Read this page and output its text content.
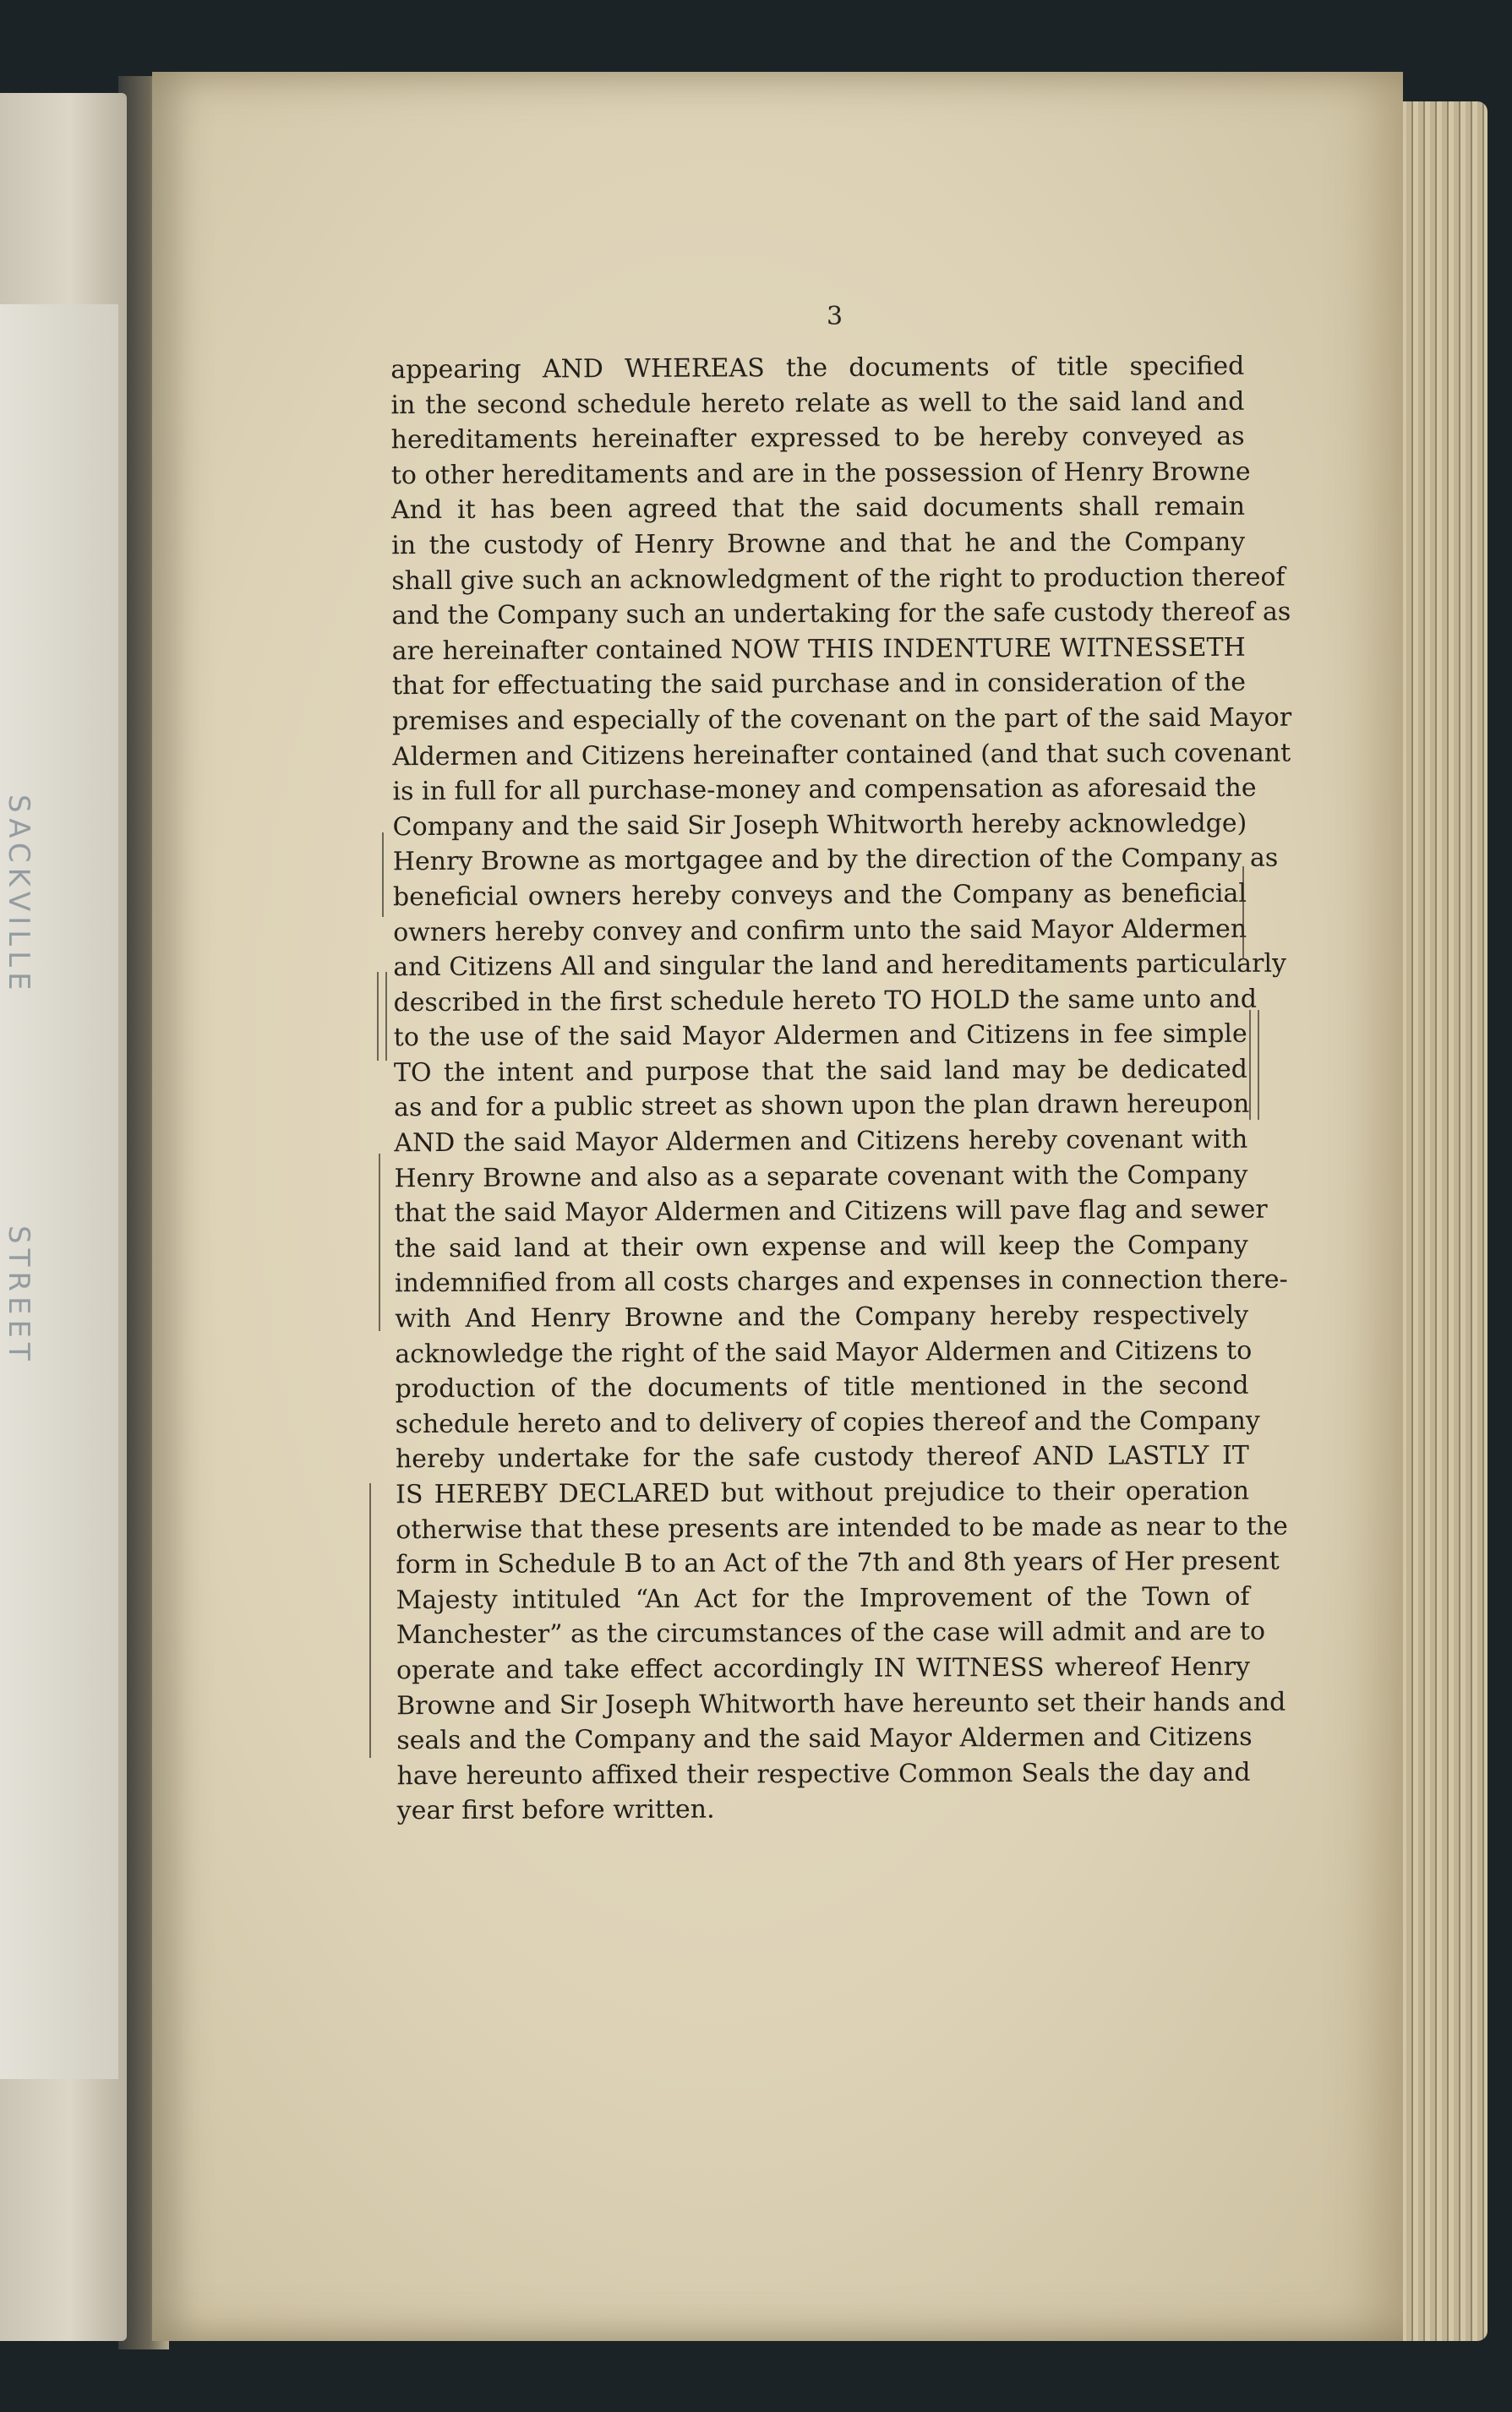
STREET
3
appearing AND WHEREAS the documents of title specified
in the second schedule hereto relate as well to the said land and
hereditaments hereinafter expressed to be hereby conveyed as
to other hereditaments and are in the possession of Henry Browne
And it has been agreed that the said documents shall remain
in the custody of Henry Browne and that he and the Company
shall give such an acknowledgment of the right to production thereof
and the Company such an undertaking for the safe custody thereof as
are hereinafter contained NOW THIS INDENTURE WITNESSETH
that for effectuating the said purchase and in consideration of the
premises and especially of the covenant on the part of the said Mayor
Aldermen and Citizens hereinafter contained (and that such covenant
is in full for all purchase-money and compensation as aforesaid the
Company and the said Sir Joseph Whitworth hereby acknowledge)
Henry Browne as mortgagee and by the direction of the Company as
beneficial owners hereby conveys and the Company as beneficial
owners hereby convey and confirm unto the said Mayor Aldermen
and Citizens All and singular the land and hereditaments particularly
described in the first schedule hereto TO HOLD the same unto and
to the use of the said Mayor Aldermen and Citizens in fee simple
TO the intent and purpose that the said land may be dedicated
as and for a public street as shown upon the plan drawn hereupon
AND the said Mayor Aldermen and Citizens hereby covenant with
Henry Browne and also as a separate covenant with the Company
that the said Mayor Aldermen and Citizens will pave flag and sewer
the said land at their own expense and will keep the Company
indemnified from all costs charges and expenses in connection there-
with And Henry Browne and the Company hereby respectively
acknowledge the right of the said Mayor Aldermen and Citizens to
production of the documents of title mentioned in the second
schedule hereto and to delivery of copies thereof and the Company
hereby undertake for the safe custody thereof AND LASTLY IT
IS HEREBY DECLARED but without prejudice to their operation
otherwise that these presents are intended to be made as near to the
form in Schedule B to an Act of the 7th and 8th years of Her present
Majesty intituled “An Act for the Improvement of the Town of
Manchester” as the circumstances of the case will admit and are to
operate and take effect accordingly IN WITNESS whereof Henry
Browne and Sir Joseph Whitworth have hereunto set their hands and
seals and the Company and the said Mayor Aldermen and Citizens
have hereunto affixed their respective Common Seals the day and
year first before written.
